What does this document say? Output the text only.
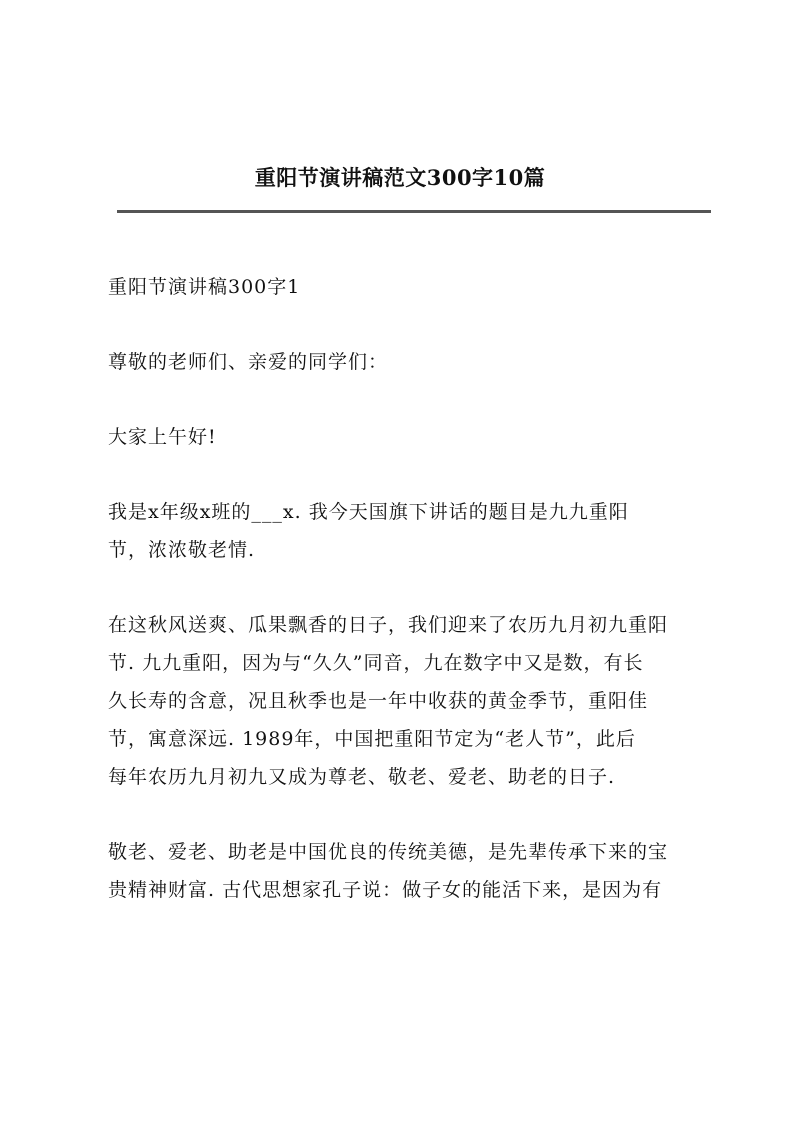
重阳节演讲稿范文300字10篇

重阳节演讲稿300字1

尊敬的老师们、亲爱的同学们：

大家上午好!

我是x年级x班的___x. 我今天国旗下讲话的题目是九九重阳
节，浓浓敬老情.

在这秋风送爽、瓜果飘香的日子，我们迎来了农历九月初九重阳
节. 九九重阳，因为与“久久”同音，九在数字中又是数，有长
久长寿的含意，况且秋季也是一年中收获的黄金季节，重阳佳
节，寓意深远. 1989年，中国把重阳节定为“老人节”，此后
每年农历九月初九又成为尊老、敬老、爱老、助老的日子.

敬老、爱老、助老是中国优良的传统美德，是先辈传承下来的宝
贵精神财富. 古代思想家孔子说：做子女的能活下来，是因为有
